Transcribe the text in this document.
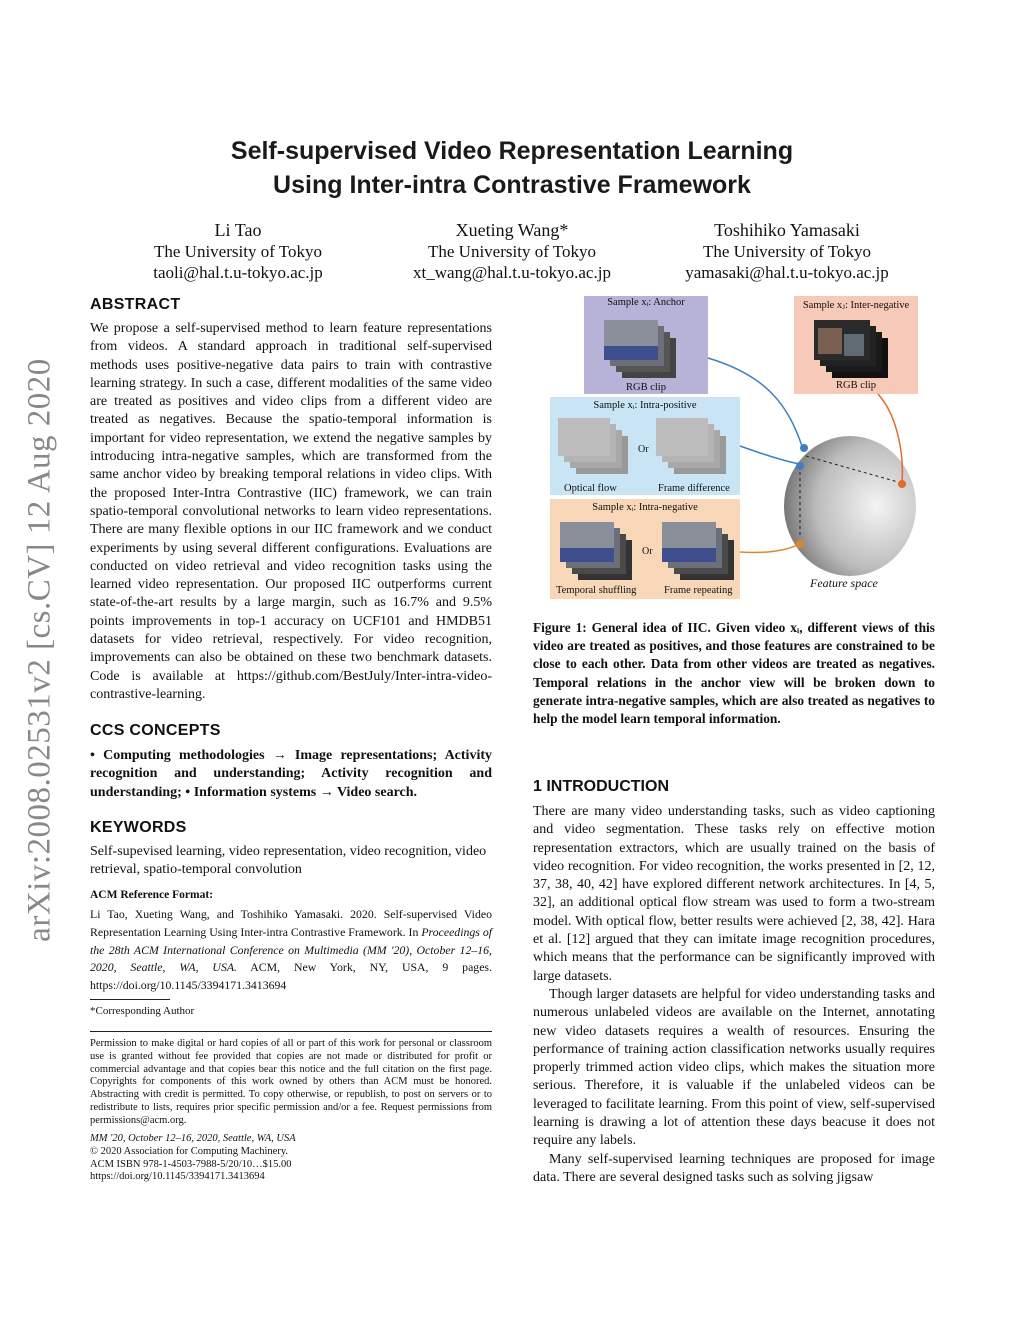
arXiv:2008.02531v2 [cs.CV] 12 Aug 2020
Self-supervised Video Representation Learning
Using Inter-intra Contrastive Framework
Li Tao
The University of Tokyo
taoli@hal.t.u-tokyo.ac.jp
Xueting Wang*
The University of Tokyo
xt_wang@hal.t.u-tokyo.ac.jp
Toshihiko Yamasaki
The University of Tokyo
yamasaki@hal.t.u-tokyo.ac.jp
ABSTRACT
We propose a self-supervised method to learn feature representations from videos. A standard approach in traditional self-supervised methods uses positive-negative data pairs to train with contrastive learning strategy. In such a case, different modalities of the same video are treated as positives and video clips from a different video are treated as negatives. Because the spatio-temporal information is important for video representation, we extend the negative samples by introducing intra-negative samples, which are transformed from the same anchor video by breaking temporal relations in video clips. With the proposed Inter-Intra Contrastive (IIC) framework, we can train spatio-temporal convolutional networks to learn video representations. There are many flexible options in our IIC framework and we conduct experiments by using several different configurations. Evaluations are conducted on video retrieval and video recognition tasks using the learned video representation. Our proposed IIC outperforms current state-of-the-art results by a large margin, such as 16.7% and 9.5% points improvements in top-1 accuracy on UCF101 and HMDB51 datasets for video retrieval, respectively. For video recognition, improvements can also be obtained on these two benchmark datasets. Code is available at https://github.com/BestJuly/Inter-intra-video-contrastive-learning.
CCS CONCEPTS
• Computing methodologies → Image representations; Activity recognition and understanding; Activity recognition and understanding; • Information systems → Video search.
KEYWORDS
Self-supevised learning, video representation, video recognition, video retrieval, spatio-temporal convolution
ACM Reference Format:
Li Tao, Xueting Wang, and Toshihiko Yamasaki. 2020. Self-supervised Video Representation Learning Using Inter-intra Contrastive Framework. In Proceedings of the 28th ACM International Conference on Multimedia (MM '20), October 12–16, 2020, Seattle, WA, USA. ACM, New York, NY, USA, 9 pages. https://doi.org/10.1145/3394171.3413694
*Corresponding Author
Permission to make digital or hard copies of all or part of this work for personal or classroom use is granted without fee provided that copies are not made or distributed for profit or commercial advantage and that copies bear this notice and the full citation on the first page. Copyrights for components of this work owned by others than ACM must be honored. Abstracting with credit is permitted. To copy otherwise, or republish, to post on servers or to redistribute to lists, requires prior specific permission and/or a fee. Request permissions from permissions@acm.org.
MM '20, October 12–16, 2020, Seattle, WA, USA
© 2020 Association for Computing Machinery.
ACM ISBN 978-1-4503-7988-5/20/10…$15.00
https://doi.org/10.1145/3394171.3413694
Sample xᵢ: Anchor
RGB clip
Sample xⱼ: Inter-negative
RGB clip
Sample xᵢ: Intra-positive
Or
Optical flow	Frame difference
Sample xᵢ: Intra-negative
Or
Temporal shuffling	Frame repeating
Feature space
Figure 1: General idea of IIC. Given video xᵢ, different views of this video are treated as positives, and those features are constrained to be close to each other. Data from other videos are treated as negatives. Temporal relations in the anchor view will be broken down to generate intra-negative samples, which are also treated as negatives to help the model learn temporal information.
1 INTRODUCTION

There are many video understanding tasks, such as video captioning and video segmentation. These tasks rely on effective motion representation extractors, which are usually trained on the basis of video recognition. For video recognition, the works presented in [2, 12, 37, 38, 40, 42] have explored different network architectures. In [4, 5, 32], an additional optical flow stream was used to form a two-stream model. With optical flow, better results were achieved [2, 38, 42]. Hara et al. [12] argued that they can imitate image recognition procedures, which means that the performance can be significantly improved with large datasets.

Though larger datasets are helpful for video understanding tasks and numerous unlabeled videos are available on the Internet, annotating new video datasets requires a wealth of resources. Ensuring the performance of training action classification networks usually requires properly trimmed action video clips, which makes the situation more serious. Therefore, it is valuable if the unlabeled videos can be leveraged to facilitate learning. From this point of view, self-supervised learning is drawing a lot of attention these days beacuse it does not require any labels.

Many self-supervised learning techniques are proposed for image data. There are several designed tasks such as solving jigsaw
